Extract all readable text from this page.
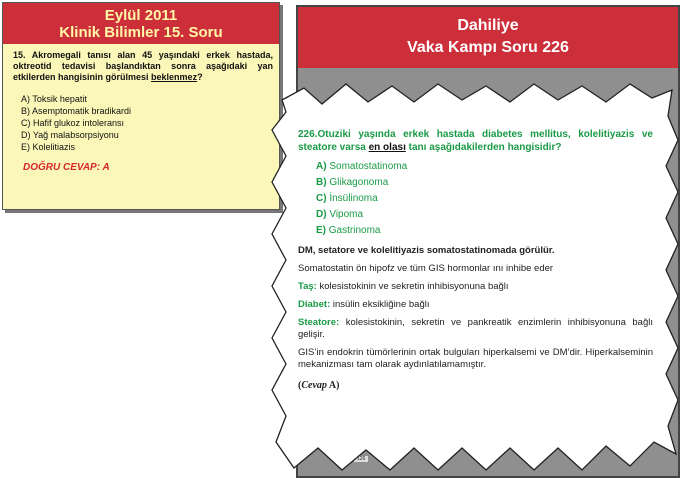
Eylül 2011
Klinik Bilimler 15. Soru
15. Akromegali tanısı alan 45 yaşındaki erkek hastada, oktreotid tedavisi başlandıktan sonra aşağıdaki yan etkilerden hangisinin görülmesi beklenmez?
A) Toksik hepatit
B) Asemptomatik bradikardi
C) Hafif glukoz intoleransı
D) Yağ malabsorpsiyonu
E) Kolelitiazis
DOĞRU CEVAP: A
Dahiliye
Vaka Kampı Soru 226
126
226.Otuziki yaşında erkek hastada diabetes mellitus, kolelitiyazis ve steatore varsa en olası tanı aşağıdakilerden hangisidir?
A) Somatostatinoma
B) Glikagonoma
C) İnsülinoma
D) Vipoma
E) Gastrinoma
DM, setatore ve kolelitiyazis somatostatinomada görülür.
Somatostatin ön hipofz ve tüm GIS hormonlar ını inhibe eder
Taş: kolesistokinin ve sekretin inhibisyonuna bağlı
Diabet: insülin eksikliğine bağlı
Steatore: kolesistokinin, sekretin ve pankreatik enzimlerin inhibisyonuna bağlı gelişir.
GIS’in endokrin tümörlerinin ortak bulguları hiperkalsemi ve DM’dir. Hiperkalseminin mekanizması tam olarak aydınlatılamamıştır.
(Cevap A)
